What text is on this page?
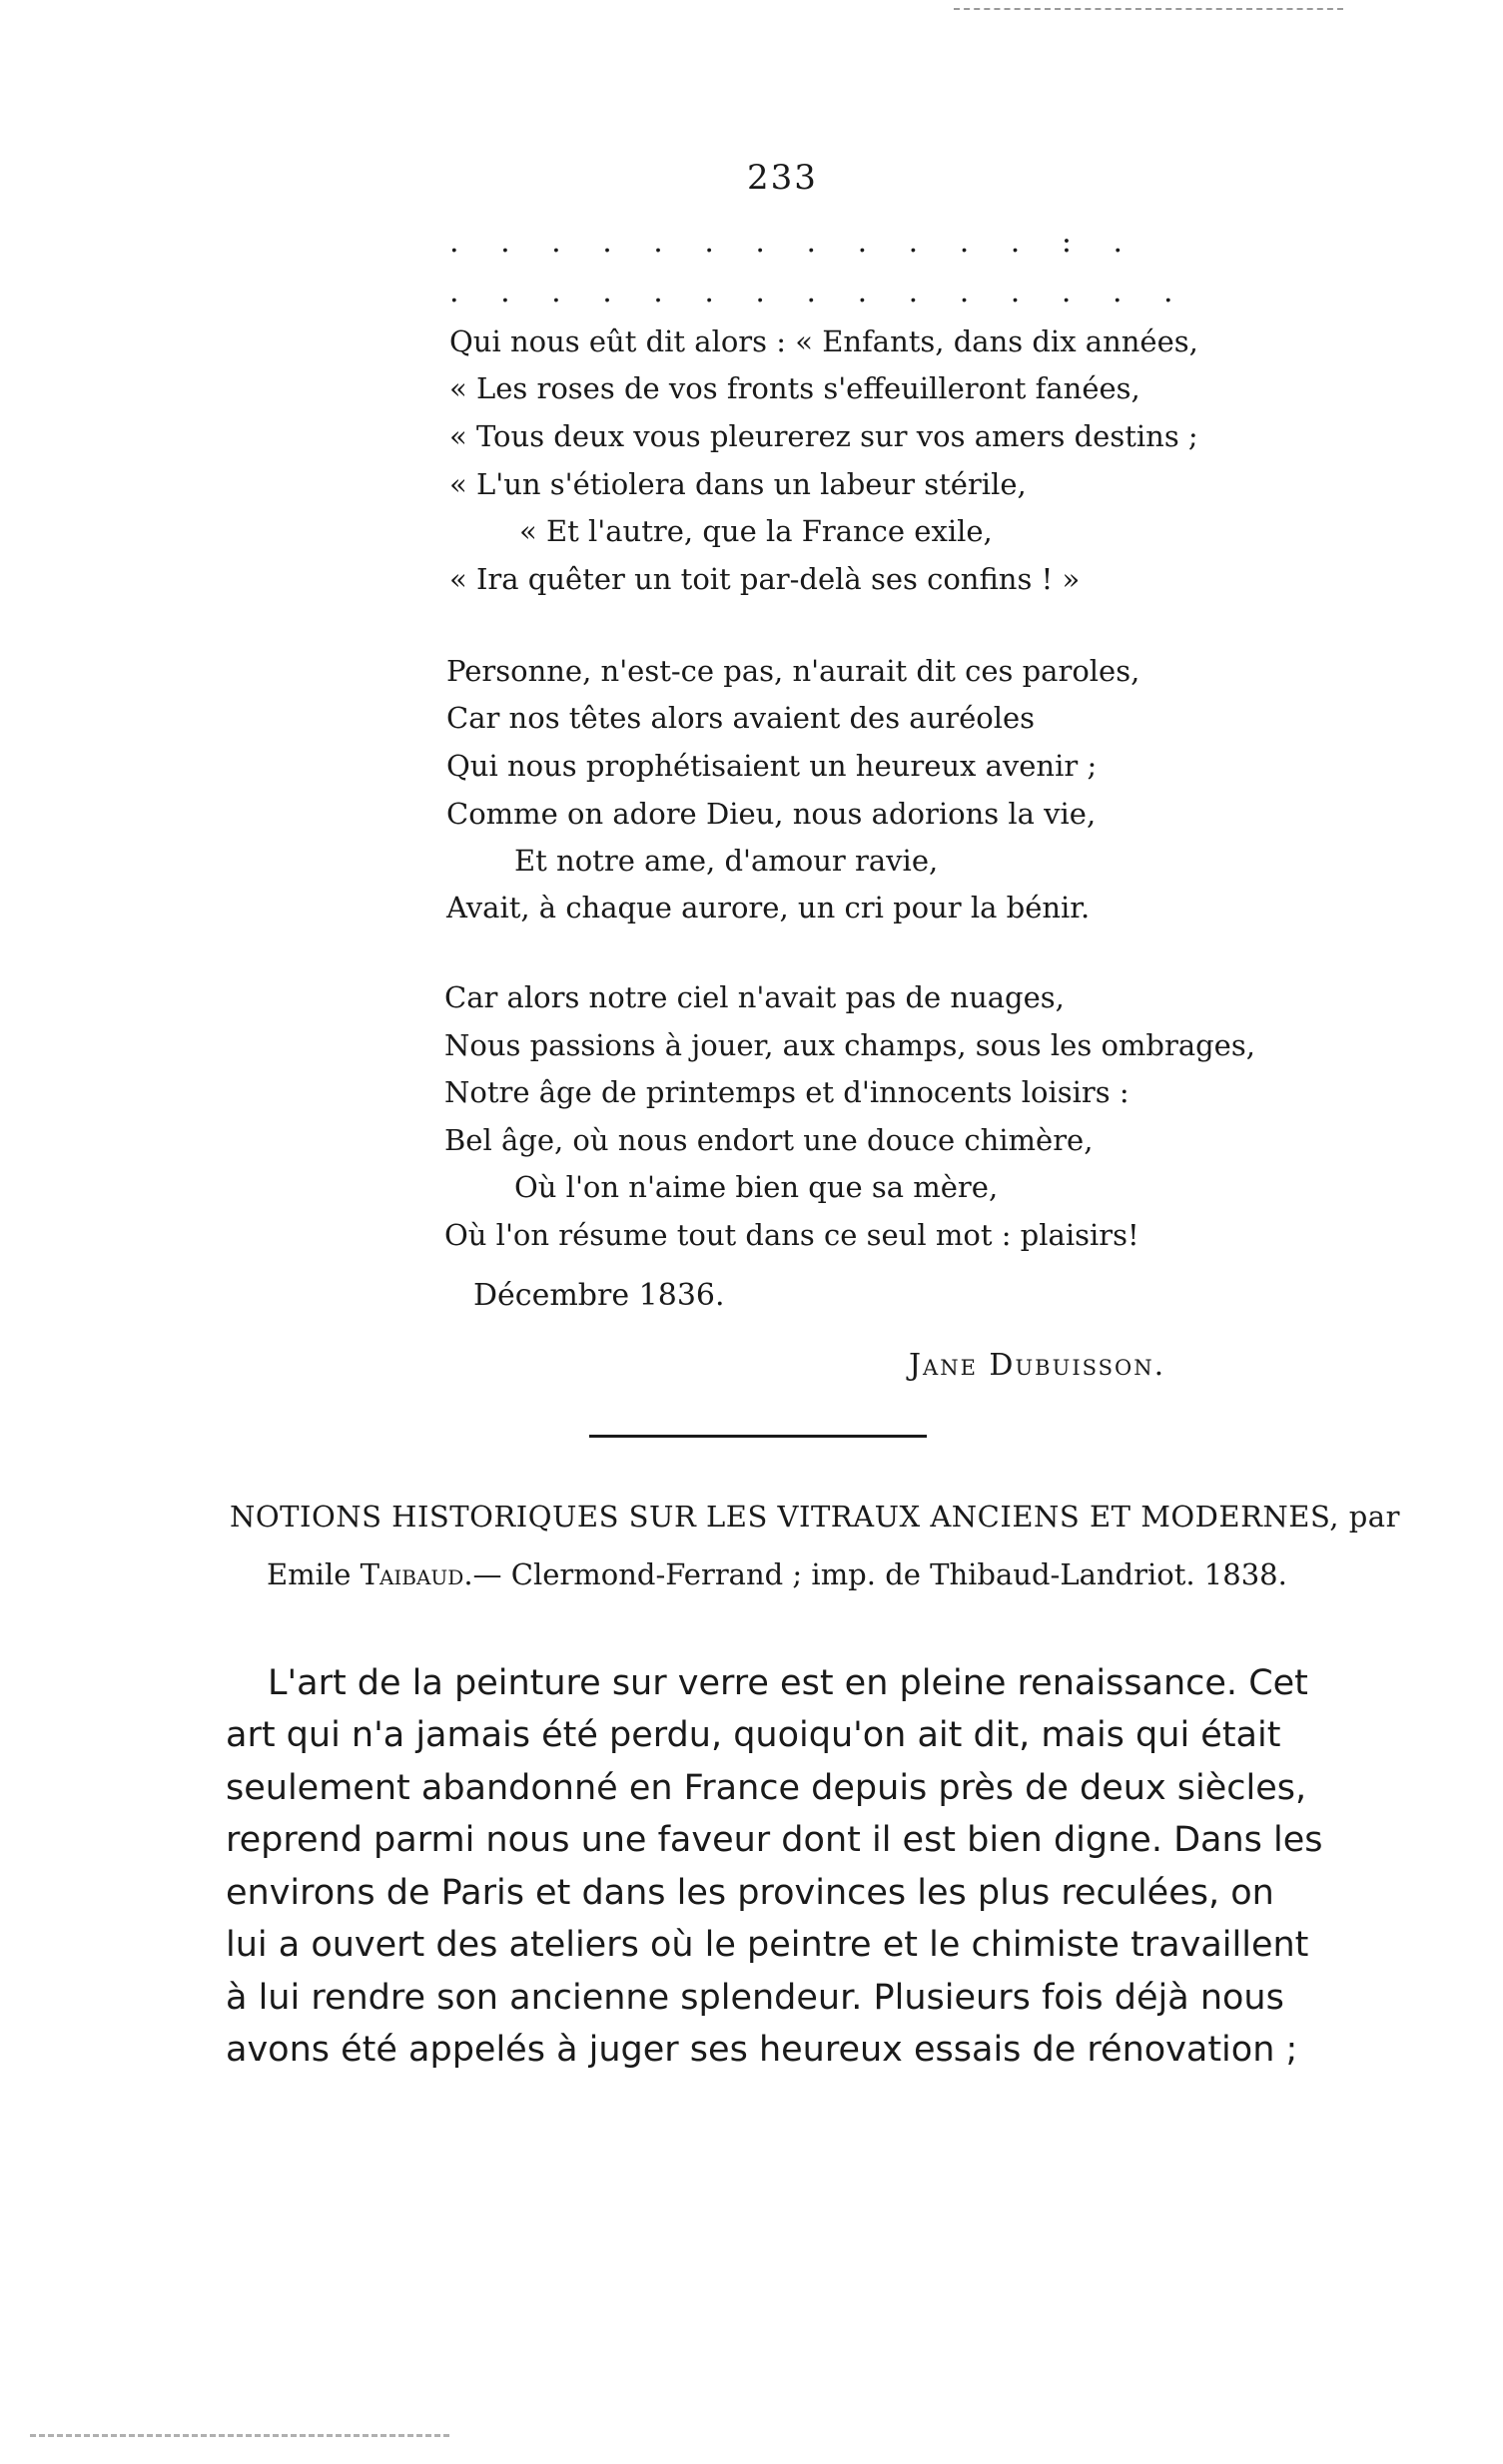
233
. . . . . . . . . . . . : .
. . . . . . . . . . . . . . .
Qui nous eût dit alors : « Enfants, dans dix années,
« Les roses de vos fronts s'effeuilleront fanées,
« Tous deux vous pleurerez sur vos amers destins ;
« L'un s'étiolera dans un labeur stérile,
« Et l'autre, que la France exile,
« Ira quêter un toit par-delà ses confins ! »
Personne, n'est-ce pas, n'aurait dit ces paroles,
Car nos têtes alors avaient des auréoles
Qui nous prophétisaient un heureux avenir ;
Comme on adore Dieu, nous adorions la vie,
Et notre ame, d'amour ravie,
Avait, à chaque aurore, un cri pour la bénir.
Car alors notre ciel n'avait pas de nuages,
Nous passions à jouer, aux champs, sous les ombrages,
Notre âge de printemps et d'innocents loisirs :
Bel âge, où nous endort une douce chimère,
Où l'on n'aime bien que sa mère,
Où l'on résume tout dans ce seul mot : plaisirs!
Décembre 1836.
Jane Dubuisson.
NOTIONS HISTORIQUES SUR LES VITRAUX ANCIENS ET MODERNES, par
Emile Taibaud.— Clermond-Ferrand ; imp. de Thibaud-Landriot. 1838.
L'art de la peinture sur verre est en pleine renaissance. Cet
art qui n'a jamais été perdu, quoiqu'on ait dit, mais qui était
seulement abandonné en France depuis près de deux siècles,
reprend parmi nous une faveur dont il est bien digne. Dans les
environs de Paris et dans les provinces les plus reculées, on
lui a ouvert des ateliers où le peintre et le chimiste travaillent
à lui rendre son ancienne splendeur. Plusieurs fois déjà nous
avons été appelés à juger ses heureux essais de rénovation ;
